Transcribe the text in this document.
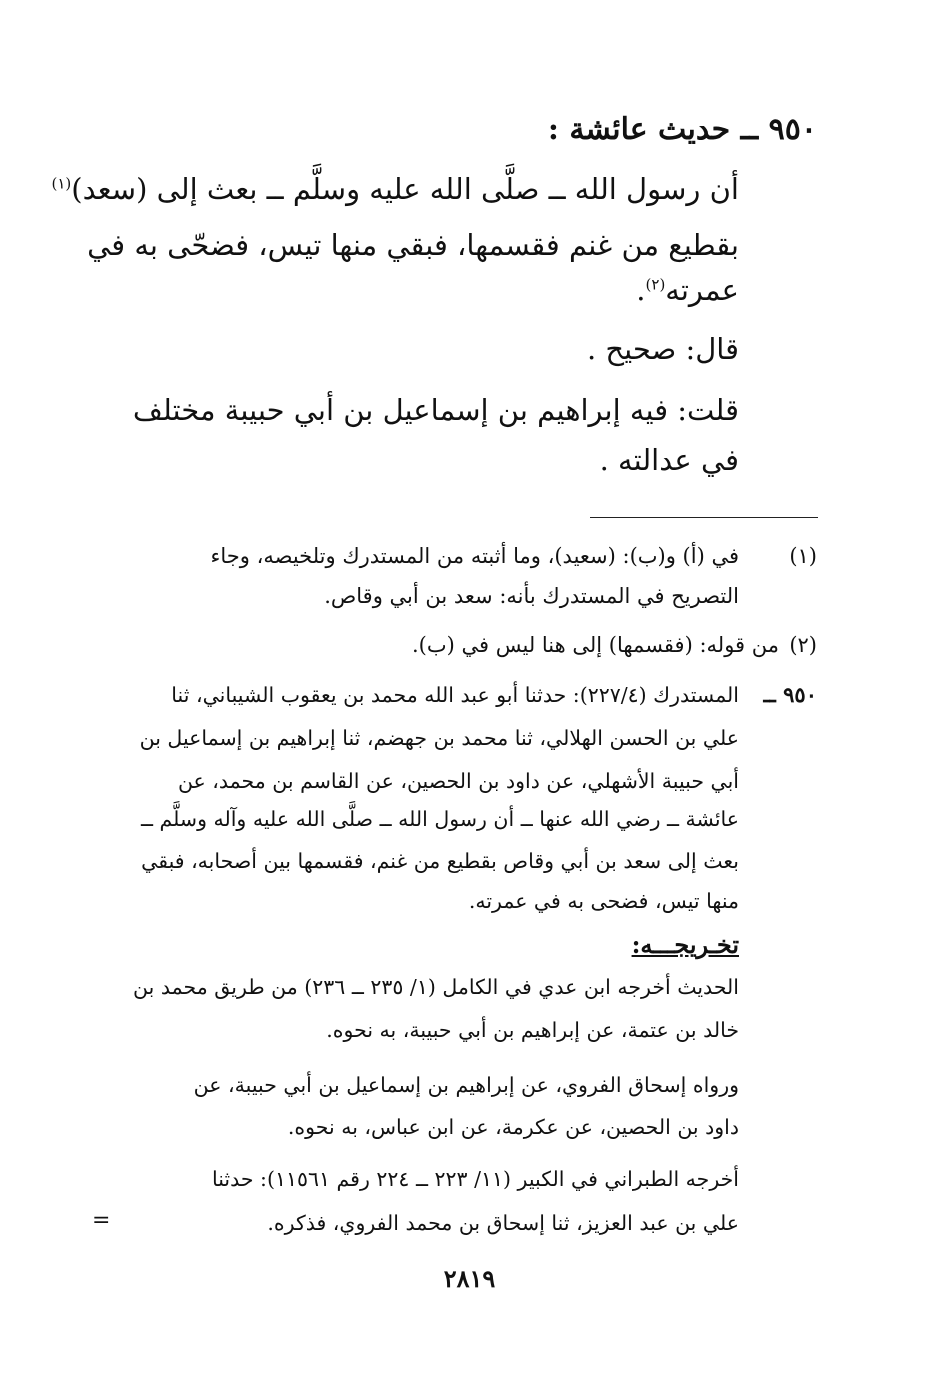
٩٥٠ ــ حديث عائشة :
أن رسول الله ــ صلَّى الله عليه وسلَّم ــ بعث إلى (سعد)$^{(١)}$
بقطيع من غنم فقسمها، فبقي منها تيس، فضحّى به في
عمرته$^{(٢)}$.
قال: صحيح .
قلت: فيه إبراهيم بن إسماعيل بن أبي حبيبة مختلف
في عدالته .
(١)
في (أ) و(ب): (سعيد)، وما أثبته من المستدرك وتلخيصه، وجاء
التصريح في المستدرك بأنه: سعد بن أبي وقاص.
(٢)
من قوله: (فقسمها) إلى هنا ليس في (ب).
٩٥٠ ــ
المستدرك (٢٢٧/٤): حدثنا أبو عبد الله محمد بن يعقوب الشيباني، ثنا
علي بن الحسن الهلالي، ثنا محمد بن جهضم، ثنا إبراهيم بن إسماعيل بن
أبي حبيبة الأشهلي، عن داود بن الحصين، عن القاسم بن محمد، عن
عائشة ــ رضي الله عنها ــ أن رسول الله ــ صلَّى الله عليه وآله وسلَّم ــ
بعث إلى سعد بن أبي وقاص بقطيع من غنم، فقسمها بين أصحابه، فبقي
منها تيس، فضحى به في عمرته.
تخـريجـــه:
الحديث أخرجه ابن عدي في الكامل (١/ ٢٣٥ ــ ٢٣٦) من طريق محمد بن
خالد بن عتمة، عن إبراهيم بن أبي حبيبة، به نحوه.
ورواه إسحاق الفروي، عن إبراهيم بن إسماعيل بن أبي حبيبة، عن
داود بن الحصين، عن عكرمة، عن ابن عباس، به نحوه.
أخرجه الطبراني في الكبير (١١/ ٢٢٣ ــ ٢٢٤ رقم ١١٥٦١): حدثنا
علي بن عبد العزيز، ثنا إسحاق بن محمد الفروي، فذكره.
=
٢٨١٩
